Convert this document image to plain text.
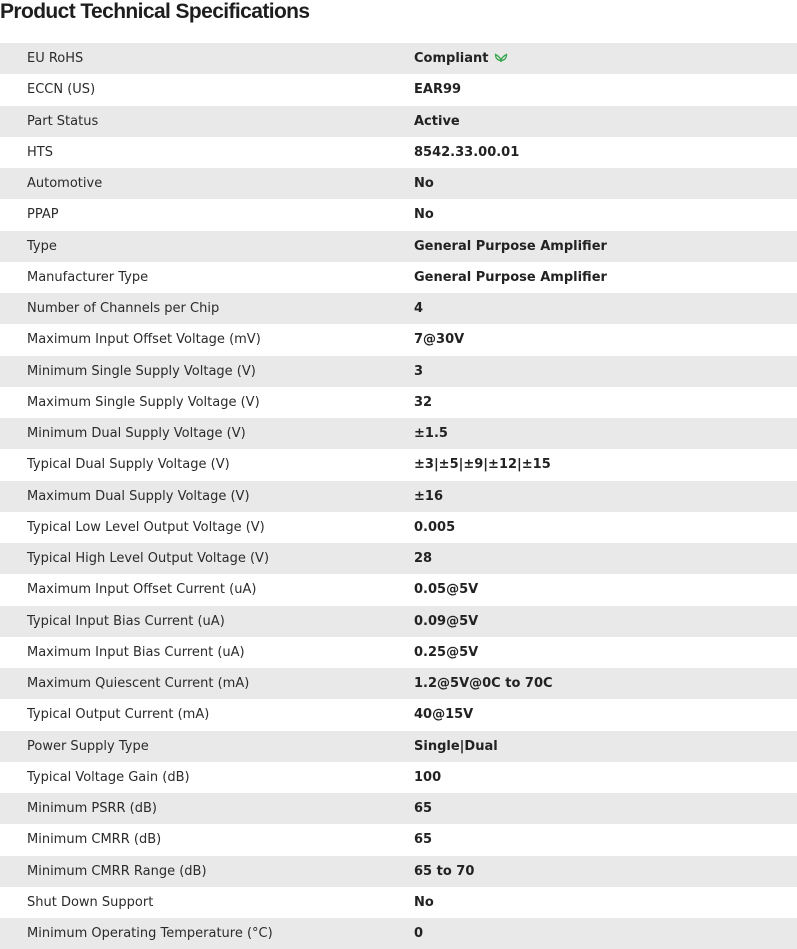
Product Technical Specifications
EU RoHS	Compliant
ECCN (US)	EAR99
Part Status	Active
HTS	8542.33.00.01
Automotive	No
PPAP	No
Type	General Purpose Amplifier
Manufacturer Type	General Purpose Amplifier
Number of Channels per Chip	4
Maximum Input Offset Voltage (mV)	7@30V
Minimum Single Supply Voltage (V)	3
Maximum Single Supply Voltage (V)	32
Minimum Dual Supply Voltage (V)	±1.5
Typical Dual Supply Voltage (V)	±3|±5|±9|±12|±15
Maximum Dual Supply Voltage (V)	±16
Typical Low Level Output Voltage (V)	0.005
Typical High Level Output Voltage (V)	28
Maximum Input Offset Current (uA)	0.05@5V
Typical Input Bias Current (uA)	0.09@5V
Maximum Input Bias Current (uA)	0.25@5V
Maximum Quiescent Current (mA)	1.2@5V@0C to 70C
Typical Output Current (mA)	40@15V
Power Supply Type	Single|Dual
Typical Voltage Gain (dB)	100
Minimum PSRR (dB)	65
Minimum CMRR (dB)	65
Minimum CMRR Range (dB)	65 to 70
Shut Down Support	No
Minimum Operating Temperature (°C)	0
